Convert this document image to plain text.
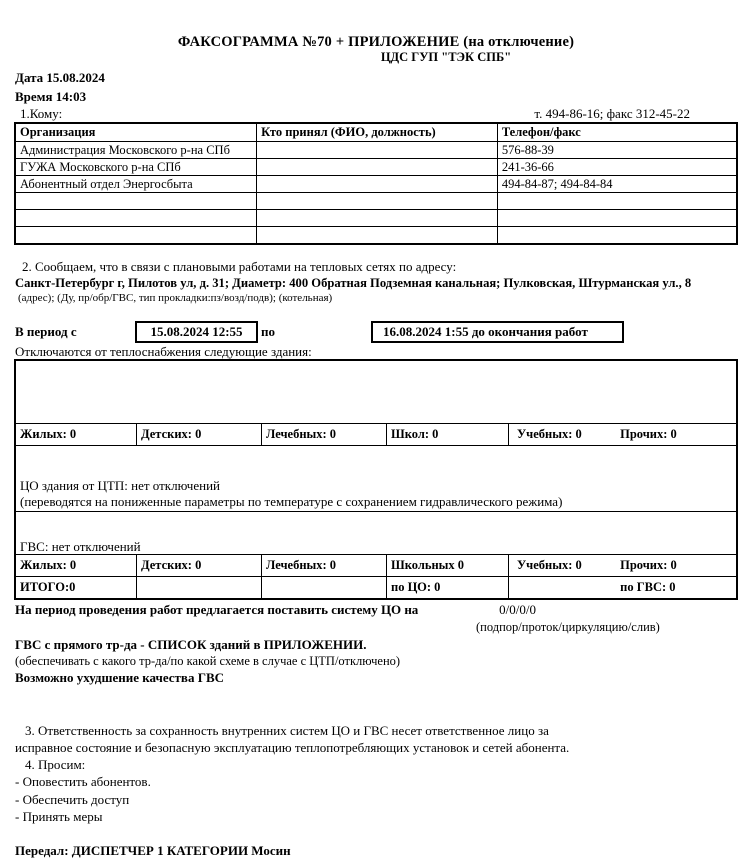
ФАКСОГРАММА №70 + ПРИЛОЖЕНИЕ (на отключение)
ЦДС ГУП "ТЭК СПБ"
Дата 15.08.2024
Время 14:03
1.Кому:	т. 494-86-16; факс 312-45-22
Организация	Кто принял (ФИО, должность)	Телефон/факс
Администрация Московского р-на СПб		576-88-39
ГУЖА Московского р-на СПб		241-36-66
Абонентный отдел Энергосбыта		494-84-87; 494-84-84

2. Сообщаем, что в связи с плановыми работами на тепловых сетях по адресу:
Санкт-Петербург г, Пилотов ул, д. 31; Диаметр: 400 Обратная Подземная канальная; Пулковская, Штурманская ул., 8
(адрес); (Ду, пр/обр/ГВС, тип прокладки:пз/возд/подв); (котельная)
В период с	15.08.2024 12:55	по	16.08.2024 1:55 до окончания работ
Отключаются от теплоснабжения следующие здания:
Жилых: 0	Детских: 0	Лечебных: 0	Школ: 0	Учебных: 0	Прочих: 0
ЦО здания от ЦТП: нет отключений
(переводятся на пониженные параметры по температуре с сохранением гидравлического режима)
ГВС: нет отключений
Жилых: 0	Детских: 0	Лечебных: 0	Школьных 0	Учебных: 0	Прочих: 0
ИТОГО:0	по ЦО: 0	по ГВС: 0
На период проведения работ предлагается поставить систему ЦО на	0/0/0/0
(подпор/проток/циркуляцию/слив)
ГВС с прямого тр-да - СПИСОК зданий в ПРИЛОЖЕНИИ.
(обеспечивать с какого тр-да/по какой схеме в случае с ЦТП/отключено)
Возможно ухудшение качества ГВС
3. Ответственность за сохранность внутренних систем ЦО и ГВС несет ответственное лицо за
исправное состояние и безопасную эксплуатацию теплопотребляющих установок и сетей абонента.
4. Просим:
- Оповестить абонентов.
- Обеспечить доступ
- Принять меры
Передал: ДИСПЕТЧЕР 1 КАТЕГОРИИ Мосин
